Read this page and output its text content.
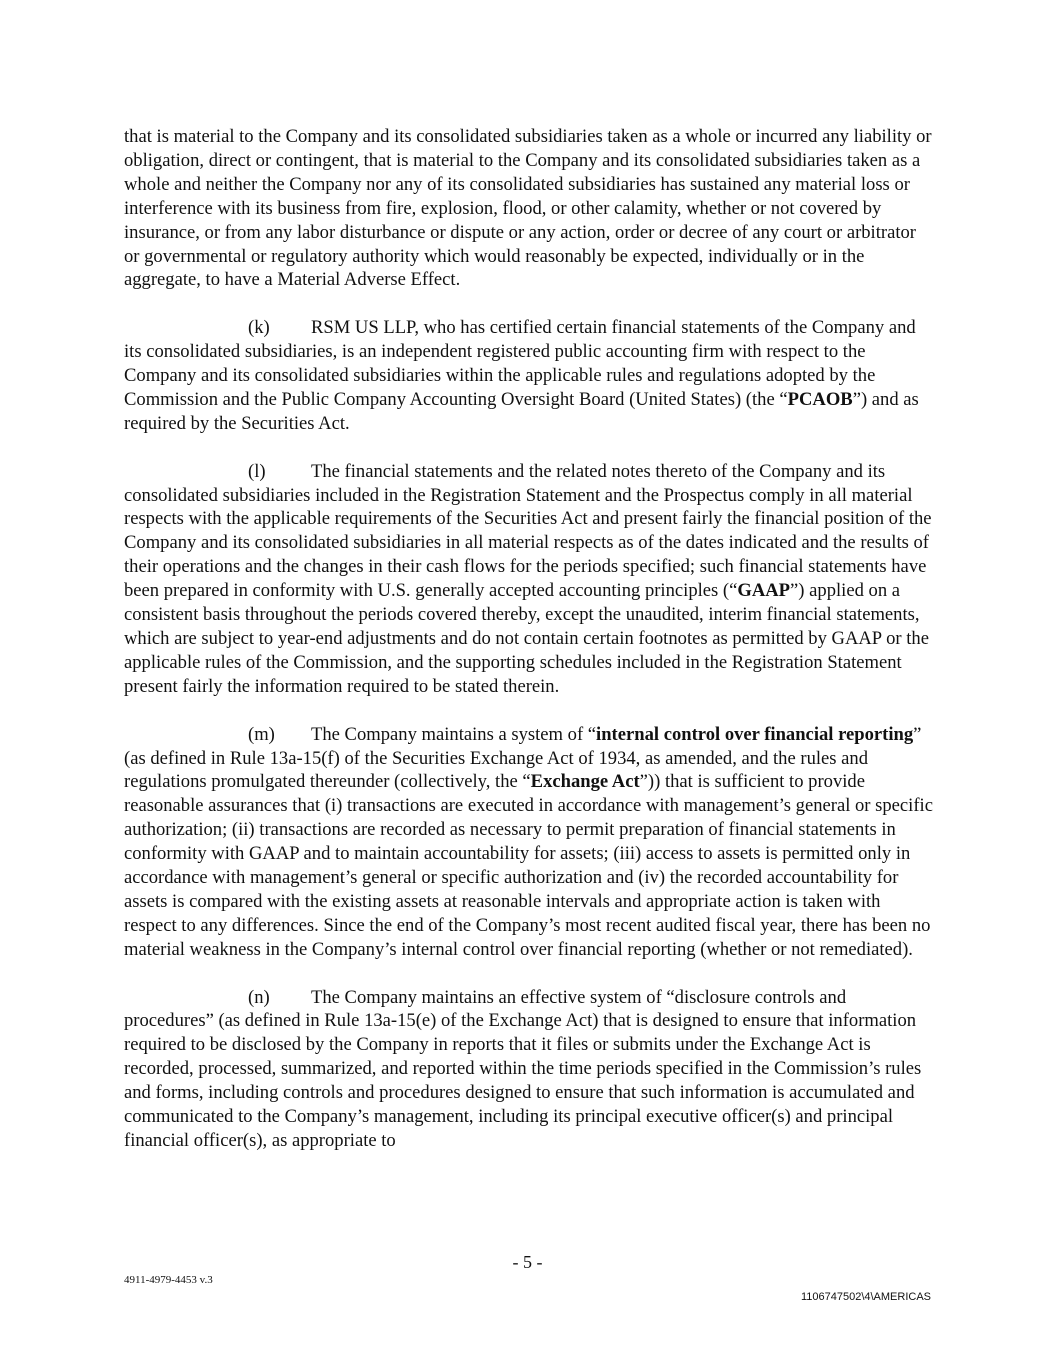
that is material to the Company and its consolidated subsidiaries taken as a whole or incurred any liability or obligation, direct or contingent, that is material to the Company and its consolidated subsidiaries taken as a whole and neither the Company nor any of its consolidated subsidiaries has sustained any material loss or interference with its business from fire, explosion, flood, or other calamity, whether or not covered by insurance, or from any labor disturbance or dispute or any action, order or decree of any court or arbitrator or governmental or regulatory authority which would reasonably be expected, individually or in the aggregate, to have a Material Adverse Effect.

(k) RSM US LLP, who has certified certain financial statements of the Company and its consolidated subsidiaries, is an independent registered public accounting firm with respect to the Company and its consolidated subsidiaries within the applicable rules and regulations adopted by the Commission and the Public Company Accounting Oversight Board (United States) (the “PCAOB”) and as required by the Securities Act.

(l) The financial statements and the related notes thereto of the Company and its consolidated subsidiaries included in the Registration Statement and the Prospectus comply in all material respects with the applicable requirements of the Securities Act and present fairly the financial position of the Company and its consolidated subsidiaries in all material respects as of the dates indicated and the results of their operations and the changes in their cash flows for the periods specified; such financial statements have been prepared in conformity with U.S. generally accepted accounting principles (“GAAP”) applied on a consistent basis throughout the periods covered thereby, except the unaudited, interim financial statements, which are subject to year-end adjustments and do not contain certain footnotes as permitted by GAAP or the applicable rules of the Commission, and the supporting schedules included in the Registration Statement present fairly the information required to be stated therein.

(m) The Company maintains a system of “internal control over financial reporting” (as defined in Rule 13a-15(f) of the Securities Exchange Act of 1934, as amended, and the rules and regulations promulgated thereunder (collectively, the “Exchange Act”)) that is sufficient to provide reasonable assurances that (i) transactions are executed in accordance with management’s general or specific authorization; (ii) transactions are recorded as necessary to permit preparation of financial statements in conformity with GAAP and to maintain accountability for assets; (iii) access to assets is permitted only in accordance with management’s general or specific authorization and (iv) the recorded accountability for assets is compared with the existing assets at reasonable intervals and appropriate action is taken with respect to any differences. Since the end of the Company’s most recent audited fiscal year, there has been no material weakness in the Company’s internal control over financial reporting (whether or not remediated).

(n) The Company maintains an effective system of “disclosure controls and procedures” (as defined in Rule 13a-15(e) of the Exchange Act) that is designed to ensure that information required to be disclosed by the Company in reports that it files or submits under the Exchange Act is recorded, processed, summarized, and reported within the time periods specified in the Commission’s rules and forms, including controls and procedures designed to ensure that such information is accumulated and communicated to the Company’s management, including its principal executive officer(s) and principal financial officer(s), as appropriate to

- 5 -
4911-4979-4453 v.3
1106747502\4\AMERICAS
